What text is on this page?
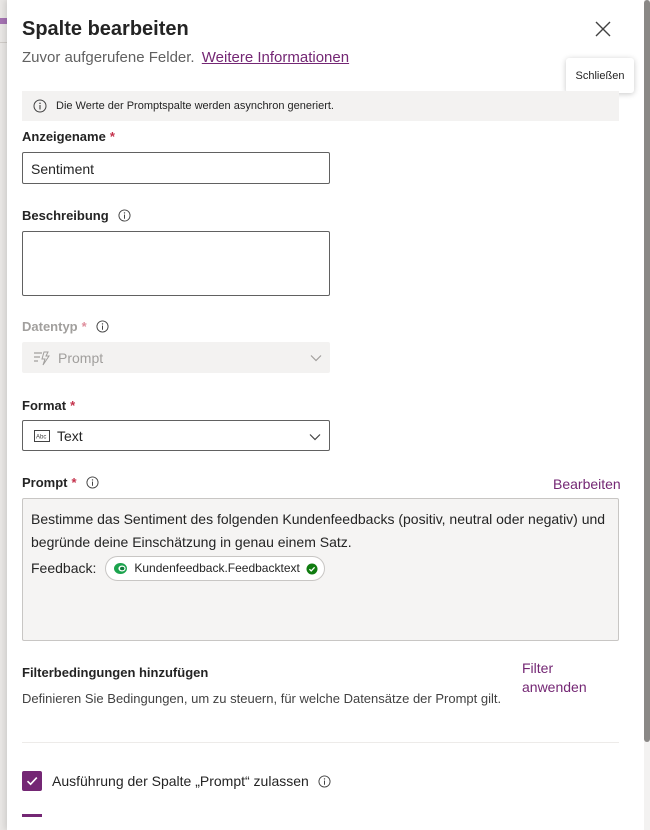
Spalte bearbeiten
Zuvor aufgerufene Felder. Weitere Informationen
Schließen
Die Werte der Promptspalte werden asynchron generiert.
Anzeigename *
Sentiment
Beschreibung
Datentyp *
Prompt
Format *
Abc Text
Prompt *	Bearbeiten
Bestimme das Sentiment des folgenden Kundenfeedbacks (positiv, neutral oder negativ) und
begründe deine Einschätzung in genau einem Satz.
Feedback:	Kundenfeedback.Feedbacktext
Filterbedingungen hinzufügen
Definieren Sie Bedingungen, um zu steuern, für welche Datensätze der Prompt gilt.
Filter anwenden
Ausführung der Spalte „Prompt“ zulassen
